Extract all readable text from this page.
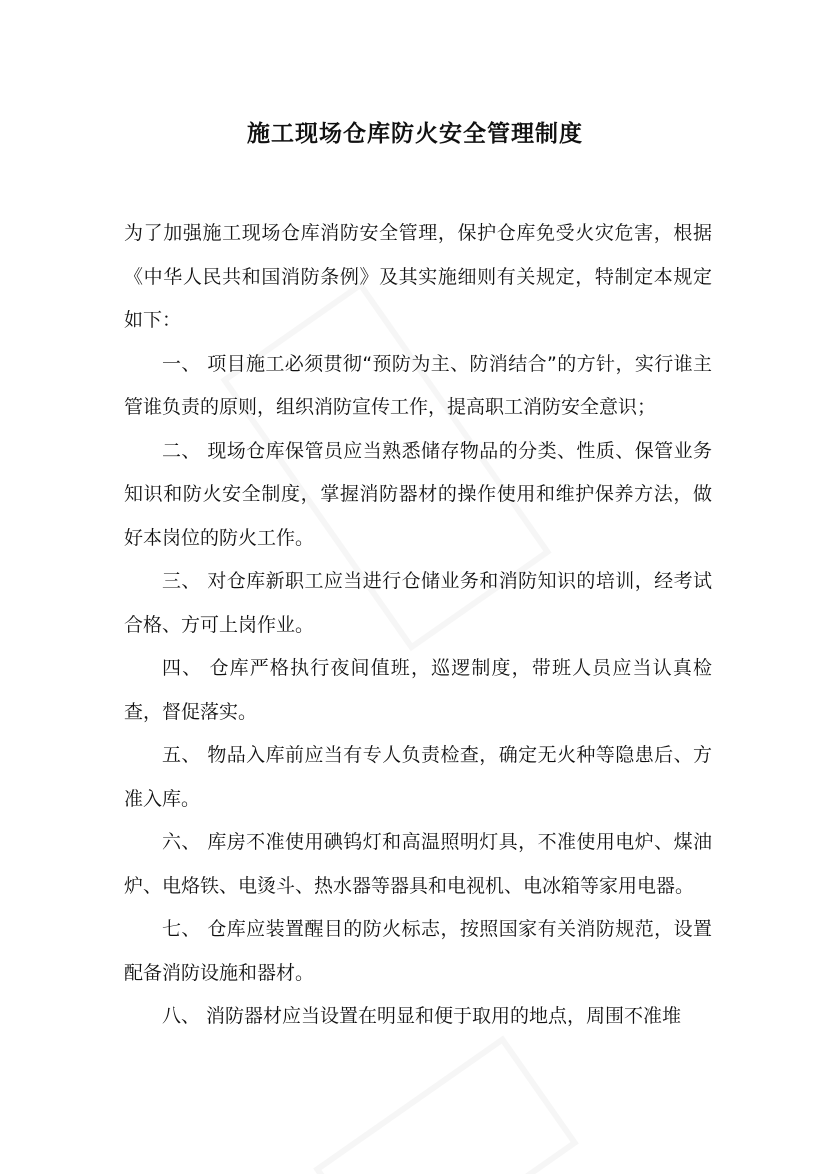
施工现场仓库防火安全管理制度

为了加强施工现场仓库消防安全管理，保护仓库免受火灾危害，根据《中华人民共和国消防条例》及其实施细则有关规定，特制定本规定如下：

一、 项目施工必须贯彻“预防为主、防消结合”的方针，实行谁主管谁负责的原则，组织消防宣传工作，提高职工消防安全意识；

二、 现场仓库保管员应当熟悉储存物品的分类、性质、保管业务知识和防火安全制度，掌握消防器材的操作使用和维护保养方法，做好本岗位的防火工作。

三、 对仓库新职工应当进行仓储业务和消防知识的培训，经考试合格、方可上岗作业。

四、 仓库严格执行夜间值班，巡逻制度，带班人员应当认真检查，督促落实。

五、 物品入库前应当有专人负责检查，确定无火种等隐患后、方准入库。

六、 库房不准使用碘钨灯和高温照明灯具，不准使用电炉、煤油炉、电烙铁、电烫斗、热水器等器具和电视机、电冰箱等家用电器。

七、 仓库应装置醒目的防火标志，按照国家有关消防规范，设置配备消防设施和器材。

八、 消防器材应当设置在明显和便于取用的地点，周围不准堆
